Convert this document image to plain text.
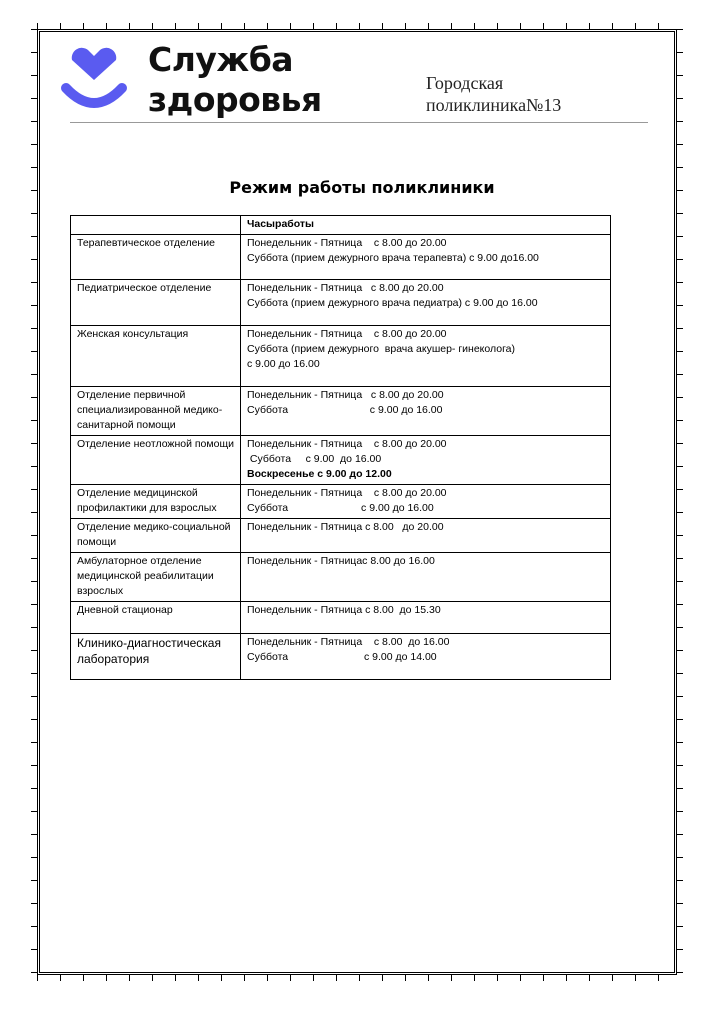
Служба
здоровья	Городская
поликлиника№13
Режим работы поликлиники
	Часыработы
Терапевтическое отделение	Понедельник - Пятница    с 8.00 до 20.00
Суббота (прием дежурного врача терапевта) с 9.00 до16.00

Педиатрическое отделение	Понедельник - Пятница   с 8.00 до 20.00
Суббота (прием дежурного врача педиатра) с 9.00 до 16.00

Женская консультация	Понедельник - Пятница    с 8.00 до 20.00
Суббота (прием дежурного  врача акушер- гинеколога)
с 9.00 до 16.00

Отделение первичной специализированной медико-санитарной помощи	Понедельник - Пятница   с 8.00 до 20.00
Суббота                            с 9.00 до 16.00

Отделение неотложной помощи	Понедельник - Пятница    с 8.00 до 20.00
Суббота     с 9.00  до 16.00
Воскресенье с 9.00 до 12.00

Отделение медицинской профилактики для взрослых	Понедельник - Пятница    с 8.00 до 20.00
Суббота                         с 9.00 до 16.00

Отделение медико-социальной помощи	Понедельник - Пятница с 8.00   до 20.00

Амбулаторное отделение медицинской реабилитации взрослых	Понедельник - Пятницас 8.00 до 16.00

Дневной стационар	Понедельник - Пятница с 8.00  до 15.30

Клинико-диагностическая лаборатория	Понедельник - Пятница    с 8.00  до 16.00
Суббота                          с 9.00 до 14.00
